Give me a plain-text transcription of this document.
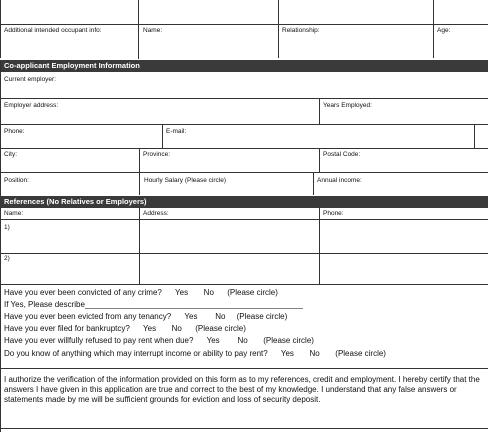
Additional intended occupant info:	Name:	Relationship:	Age:
Co-applicant Employment Information
Current employer:
Employer address:	Years Employed:
Phone:	E-mail:
City:	Province:	Postal Code:
Position:	Hourly Salary (Please circle)	Annual income:
References (No Relatives or Employers)
Name:	Address:	Phone:
1)
2)
Have you ever been convicted of any crime?      Yes       No      (Please circle)
If Yes, Please describe_________________________________________________
Have you ever been evicted from any tenancy?      Yes        No     (Please circle)
Have you ever filed for bankruptcy?      Yes       No      (Please circle)
Have you ever willfully refused to pay rent when due?      Yes        No       (Please circle)
Do you know of anything which may interrupt income or ability to pay rent?      Yes       No       (Please circle)
I authorize the verification of the information provided on this form as to my references, credit and employment. I hereby certify that the answers I have given in this application are true and correct to the best of my knowledge. I understand that any false answers or statements made by me will be sufficient grounds for eviction and loss of security deposit.
